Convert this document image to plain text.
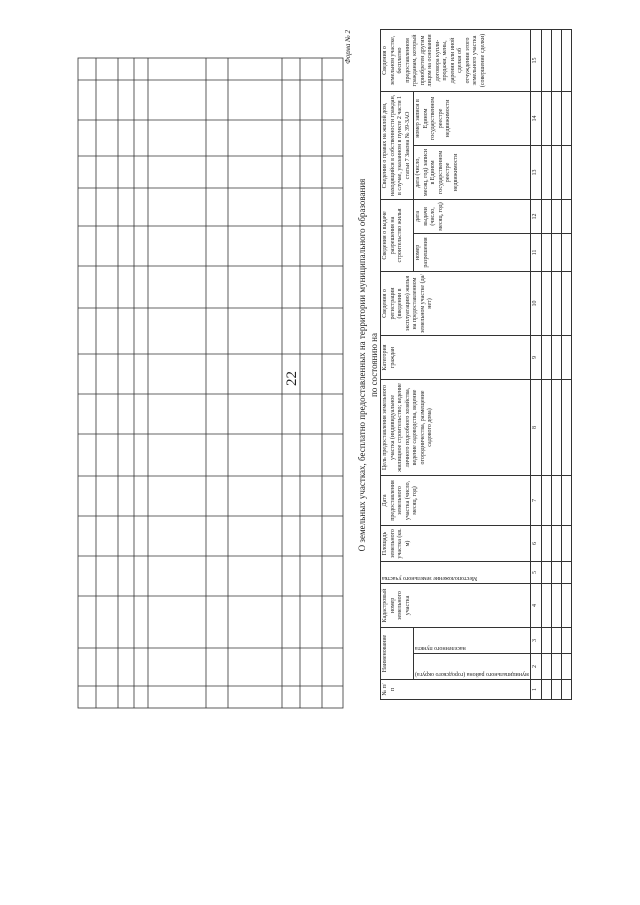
22
Форма № 2
О земельных участках, бесплатно предоставленных на территории муниципального образования по состоянию на
№ п/п	Наименование		Кадастровый номер земельного участка	Местоположение земельного участка	Площадь земельного участка (кв. м)	Дата предоставления земельного участка (число, месяц, год)	Цель предоставления земельного участка (индивидуальное жилищное строительство; ведение личного подсобного хозяйства, ведение садоводства, ведение огородничества, размещение садового дома)	Категория граждан	Сведения о регистрации (введении в эксплуатацию) жилья на предоставленном земельном участке (да/нет)	Сведения о выдаче разрешения на строительство жилья		Сведения о правах на жилой дом, находящийся в собственности граждан, в случае, указанном в пункте 2 части 1 статьи 7 Закона № 39-ЗАО		Сведения о земельном участке, бесплатно предоставленном гражданам, который приобретен другим лицом на основании договора купли-продажи, мены, дарения или иной сделки об отчуждении этого земельного участка (совершение сделки)

	муниципального района (городского округа)	населенного пункта								номер разрешения	дата выдачи (число, месяц, год)	дата (число, месяц, год) записи в Едином государственном реестре недвижимости	номер записи в Едином государственном реестре недвижимости	
1	2	3	4	5	6	7	8	9	10	11	12	13	14	15
